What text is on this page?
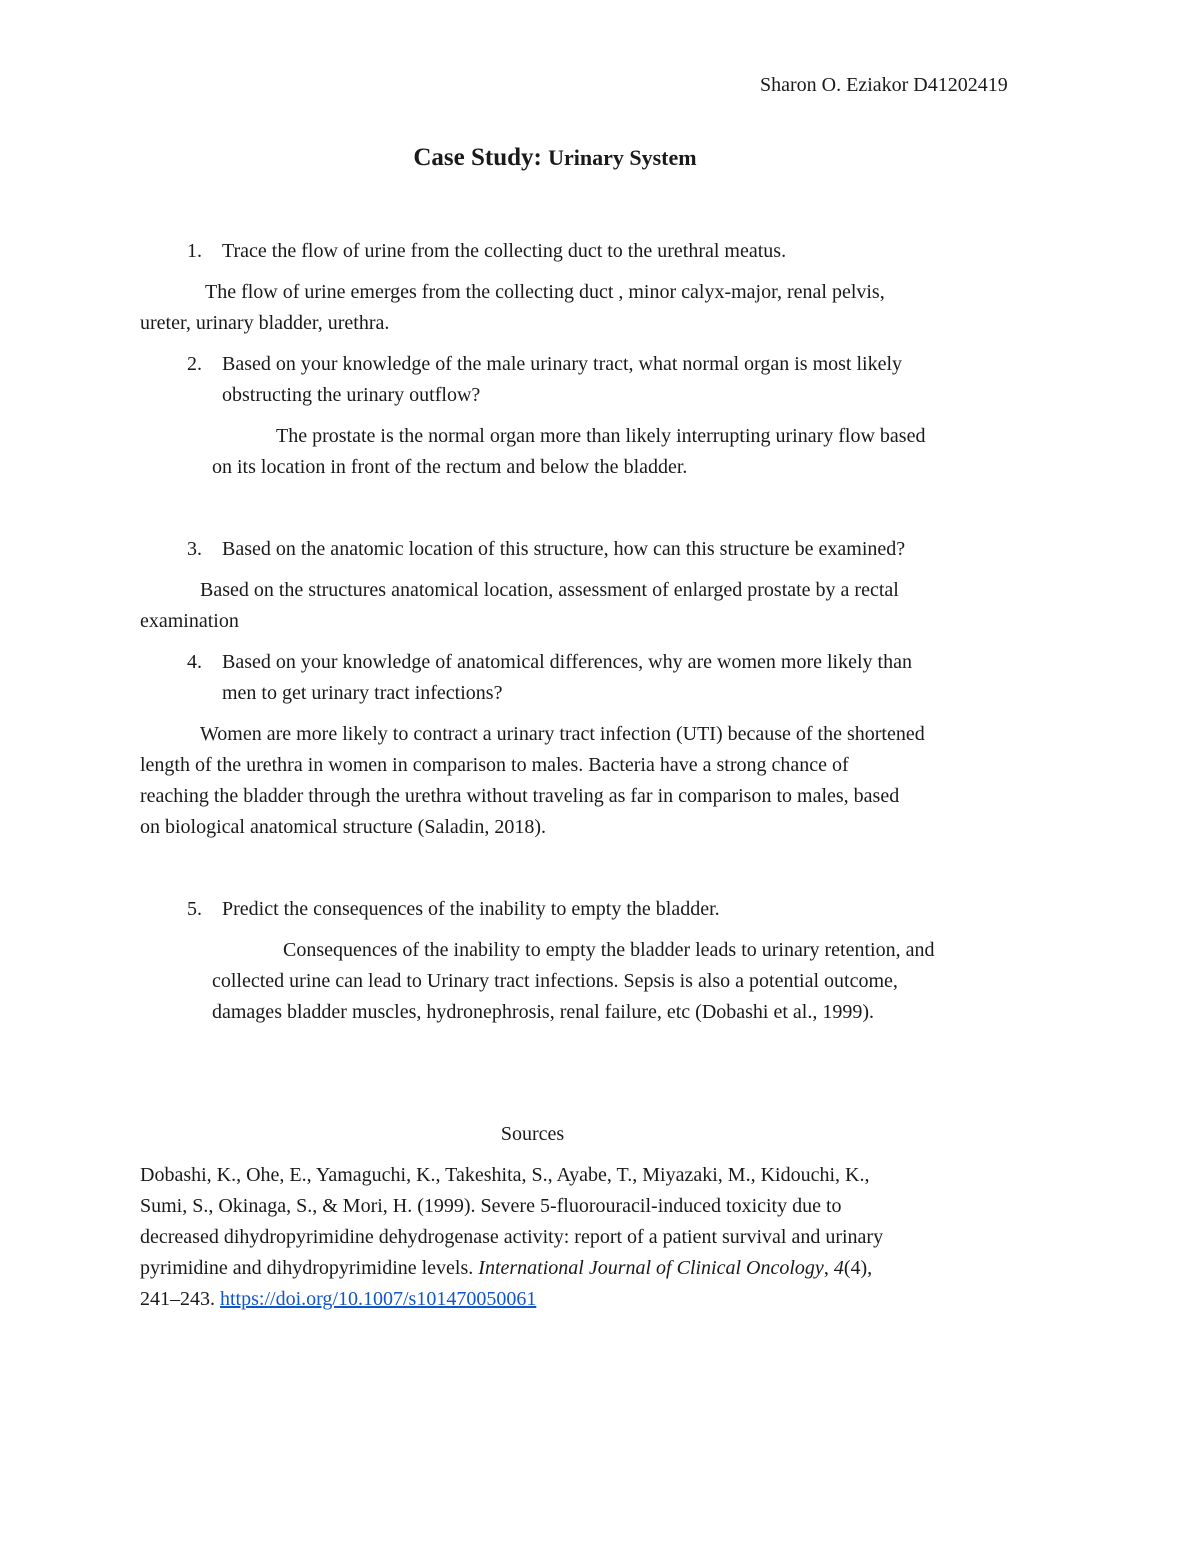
Sharon O. Eziakor D41202419
Case Study: Urinary System
1.	Trace the flow of urine from the collecting duct to the urethral meatus.
The flow of urine emerges from the collecting duct , minor calyx-major, renal pelvis,
ureter, urinary bladder, urethra.
2.	Based on your knowledge of the male urinary tract, what normal organ is most likely
obstructing the urinary outflow?
The prostate is the normal organ more than likely interrupting urinary flow based
on its location in front of the rectum and below the bladder.
3.	Based on the anatomic location of this structure, how can this structure be examined?
Based on the structures anatomical location, assessment of enlarged prostate by a rectal
examination
4.	Based on your knowledge of anatomical differences, why are women more likely than
men to get urinary tract infections?
Women are more likely to contract a urinary tract infection (UTI) because of the shortened
length of the urethra in women in comparison to males. Bacteria have a strong chance of
reaching the bladder through the urethra without traveling as far in comparison to males, based
on biological anatomical structure (Saladin, 2018).
5.	Predict the consequences of the inability to empty the bladder.
Consequences of the inability to empty the bladder leads to urinary retention, and
collected urine can lead to Urinary tract infections. Sepsis is also a potential outcome,
damages bladder muscles, hydronephrosis, renal failure, etc (Dobashi et al., 1999).
Sources
Dobashi, K., Ohe, E., Yamaguchi, K., Takeshita, S., Ayabe, T., Miyazaki, M., Kidouchi, K.,
Sumi, S., Okinaga, S., & Mori, H. (1999). Severe 5-fluorouracil-induced toxicity due to
decreased dihydropyrimidine dehydrogenase activity: report of a patient survival and urinary
pyrimidine and dihydropyrimidine levels. International Journal of Clinical Oncology, 4(4),
241–243. https://doi.org/10.1007/s101470050061
